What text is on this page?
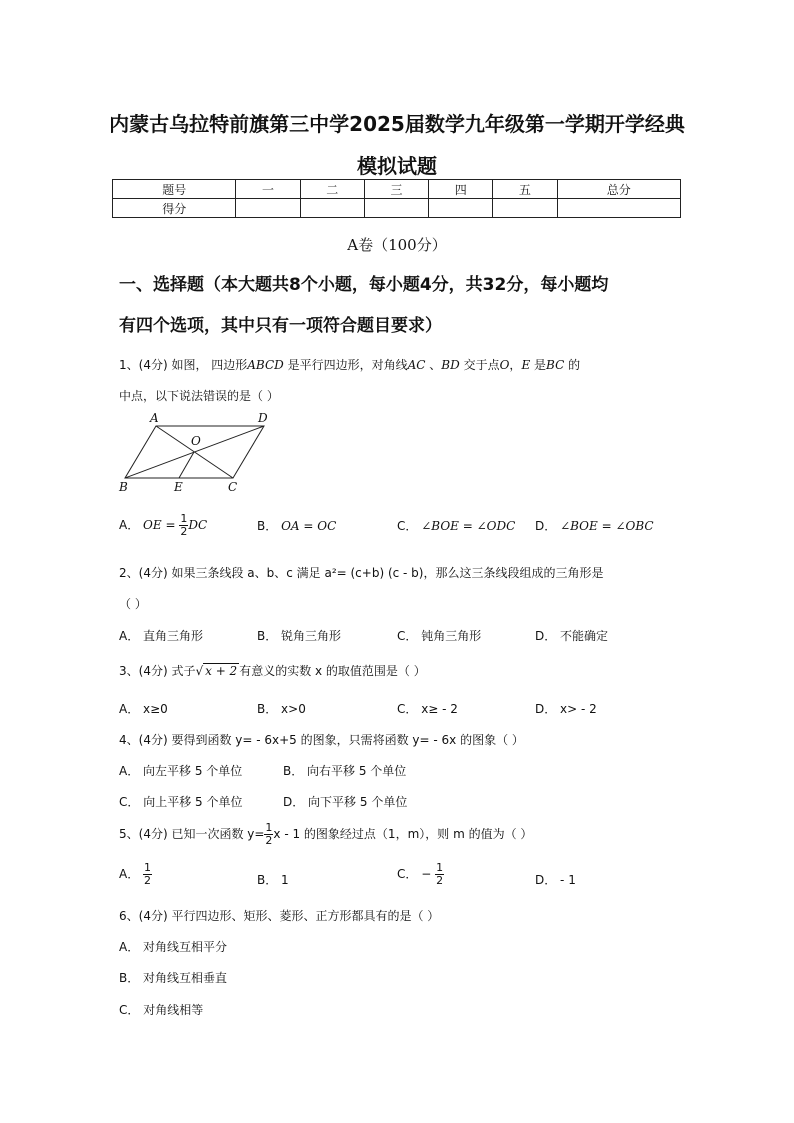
内蒙古乌拉特前旗第三中学2025届数学九年级第一学期开学经典
模拟试题
题号	一	二	三	四	五	总分
得分						
A卷（100分）
一、选择题（本大题共8个小题，每小题4分，共32分，每小题均
有四个选项，其中只有一项符合题目要求）
1、(4分) 如图， 四边形ABCD 是平行四边形，对角线AC 、BD 交于点O，E 是BC 的
中点，以下说法错误的是（ ）
A	D
O
B	E	C
A． OE = $\frac{1}{2}$ DC	B． OA = OC	C． ∠BOE = ∠ODC D． ∠BOE = ∠OBC
2、(4分) 如果三条线段 a、b、c 满足 a²= (c+b) (c - b)，那么这三条线段组成的三角形是
（ ）
A． 直角三角形	B． 锐角三角形	C． 钝角三角形	D． 不能确定
3、(4分) 式子√ x + 2 有意义的实数 x 的取值范围是（ ）
A． x≥0	B． x>0	C． x≥ - 2	D． x> - 2
4、(4分) 要得到函数 y= - 6x+5 的图象，只需将函数 y= - 6x 的图象（ ）
A． 向左平移 5 个单位	B． 向右平移 5 个单位
C． 向上平移 5 个单位	D． 向下平移 5 个单位
5、(4分) 已知一次函数 $y= \frac{1}{2}$ x - 1 的图象经过点（1，m），则 m 的值为（ ）
A． $\frac{1}{2}$	B． 1	C． − $\frac{1}{2}$	D． - 1
6、(4分) 平行四边形、矩形、菱形、正方形都具有的是（ ）
A． 对角线互相平分
B． 对角线互相垂直
C． 对角线相等
